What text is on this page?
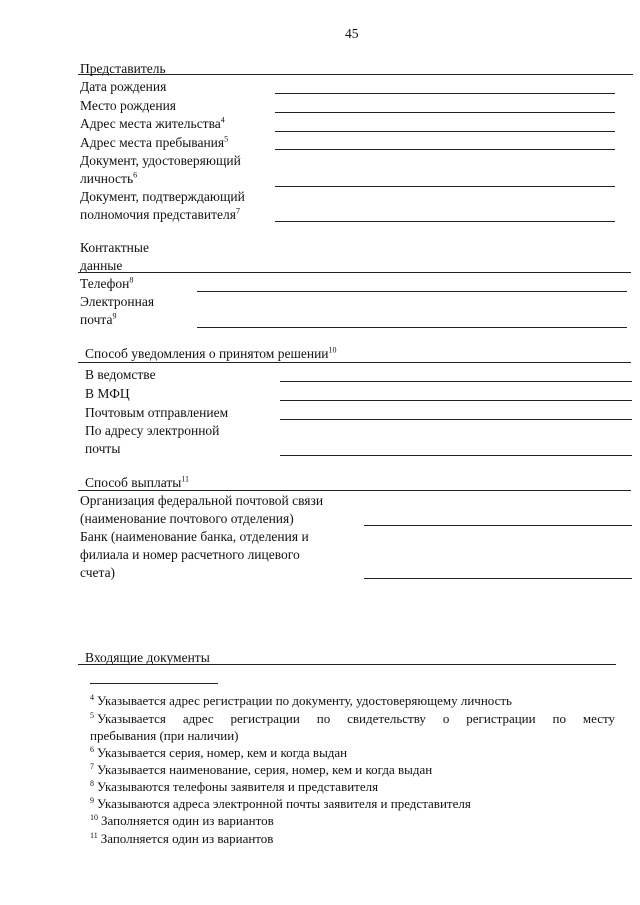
45
Представитель
Дата рождения
Место рождения
Адрес места жительства$^4$
Адрес места пребывания$^5$
Документ, удостоверяющий
личность$^6$
Документ, подтверждающий
полномочия представителя$^7$
Контактные
данные
Телефон$^8$
Электронная
почта$^9$
Способ уведомления о принятом решении$^{10}$
В ведомстве
В МФЦ
Почтовым отправлением
По адресу электронной
почты
Способ выплаты$^{11}$
Организация федеральной почтовой связи
(наименование почтового отделения)
Банк (наименование банка, отделения и
филиала и номер расчетного лицевого
счета)
Входящие документы
$^4$ Указывается адрес регистрации по документу, удостоверяющему личность
$^5$ Указывается адрес регистрации по свидетельству о регистрации по месту
пребывания (при наличии)
$^6$ Указывается серия, номер, кем и когда выдан
$^7$ Указывается наименование, серия, номер, кем и когда выдан
$^8$ Указываются телефоны заявителя и представителя
$^9$ Указываются адреса электронной почты заявителя и представителя
$^{10}$ Заполняется один из вариантов
$^{11}$ Заполняется один из вариантов
